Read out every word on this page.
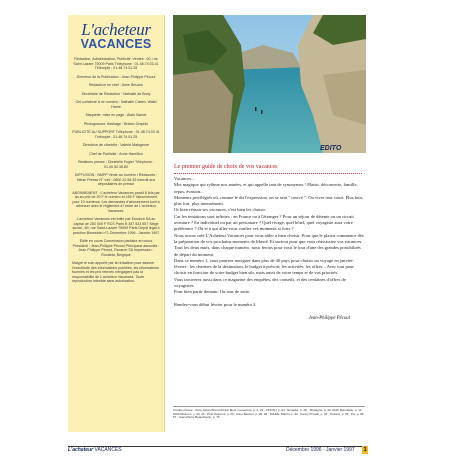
L'acheteur
VACANCES
Rédaction, Administration, Publicité, Ventes : 60, rue Saint Lazare 75009 Paris Téléphone : 01.48.74.03.41 Télécopie : 01.48.74.01.25
Directeur de la Publication : Jean-Philippe Pécoul
Rédactrice en chef : Anne Beuzen
Secrétaire de Rédaction : Nathalie de Bony
Ont collaboré à ce numéro : Nathalie Caben, Walid Harrie
Maquette, mise en page : Alain Samet
Photogravure, flashage : Bridon-Graphic
PUBLICITÉ AU SUPPORT Téléphone : 01.48.74.03.41 Télécopie : 01.48.74.01.25
Directrice de clientèle : Valérie Malagrune
Chef de Publicité : Anne Hamilton
Relations presse : Christelle Fugier Téléphone : 01.40.50.36.80
DIFFUSION : NMPP Vente au numéro / Réassorts : Hélan Presse N° vert : 0800 22 66 33 Interdit aux dépositaires de presse
ABONNEMENT : L'acheteur Vacances paraît 6 fois par an au prix de 29 F le numéro et 169 F l'abonnement pour 10 numéros. Les demandes d'abonnement sont à adresser avec le règlement à l'ordre de L'acheteur Vacances.
L'acheteur Vacances est édité par Escaron SA au capital de 250 000 F RCS Paris B 387 523 657 Siège social : 60, rue Saint-Lazare 75009 Paris Dépôt légal à parution Bimestriel n°1 Décembre 1996 - Janvier 1997
Édité en cours Commission paritaire en cours Président : Jean-Philippe Pécoul Principaux associés : Jean-Philippe Pécoul, Escaron SA Impression : Roularta, Belgique
Malgré le soin apporté par la rédaction pour assurer l'exactitude des informations publiées, les informations fournies et les prix relevés n'engagent pas la responsabilité de L'acheteur Vacances. Toute reproduction interdite sans autorisation.
EDITO
Le premier guide de choix de vos vacances

Vacances...

Mot magique qui rythme nos années, et qui appelle tant de synonymes ! Plaisir, découverte, famille, repos, évasion...

Moments privilégiés où, comme le dit l'expression, on se sent " ravivé ". Ou vivre tout court. Plus loin, plus fort, plus intensément.

Or bien réussir ses vacances, c'est bien les choisir.

Car les tentations sont infinies : en France ou à l'étranger ? Pour un séjour de détente ou un circuit aventure ? En individuel ou par un prestataire ? Quel rivage, quel hôtel, quel voyagiste aura votre préférence ? Où et à qui aller-vous confier ces moments si forts ?

Nous avons créé L'Acheteur Vacances pour vous aider à bien choisir. Pour que le plaisir commence dès la préparation de vos prochains moments de liberté. Et surtout pour que vous réussissiez vos vacances.

Tous les deux mois, dans chaque numéro, nous ferons pour vous le tour d'une des grandes possibilités de départ du moment.

Dans ce numéro 1, vous pourrez naviguer dans plus de 40 pays pour choisir un voyage en janvier-février : les charmes de la destination, le budget à prévoir, les activités, les offres... Avec tout pour choisir en fonction de votre budget bien sûr, mais aussi de votre temps et de vos priorités.

Vous trouverez aussi dans ce magazine des enquêtes, des conseils, et des centaines d'offres de voyagistes.

Pour bien partir demain. Ou tout de suite.

Rendez-vous début février pour le numéro 2.

Jean-Philippe Pécoul
Crédits photos : Vivre Johan Brezord/Club Med, couverture, p. 3, 23 : OFFITH, p. 24 : Ecuador, p. 28, : Bretagne, p. 14; DIAF Bourdeille, p. 14 ; DIAF/Moirenc, p. 20, 21 ; Pete Delpons, p. 24 ; Anne Beuzen, p. 26, 28 ; DIAF/E. Martin, p. 30 ; Fanny Pirrault, p. 44 ; Océans, p. 59 ; Pix, p. 66, 67 ; Jean-Pierre Beauchamp, p. 76.
L'acheteur VACANCES	Décembre 1996 - Janvier 1997 1
